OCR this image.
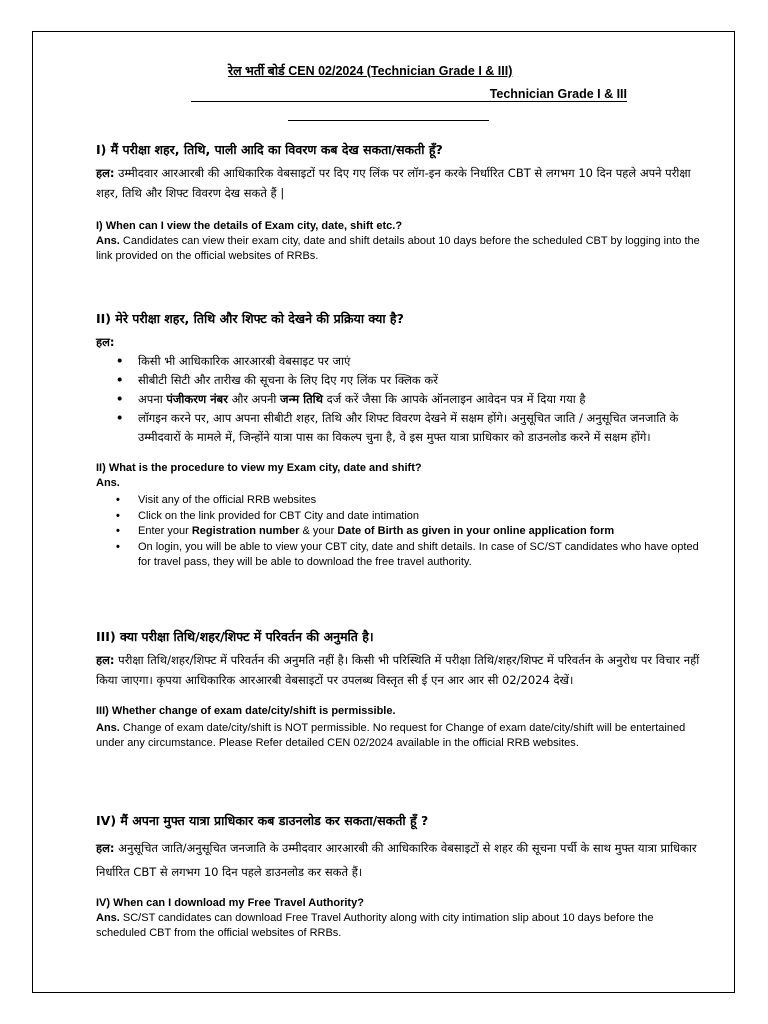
रेल भर्ती बोर्ड CEN 02/2024 (Technician Grade I & III)
Technician Grade I & III

I) मैं परीक्षा शहर, तिथि, पाली आदि का विवरण कब देख सकता/सकती हूँ?

हल: उम्मीदवार आरआरबी की आधिकारिक वेबसाइटों पर दिए गए लिंक पर लॉग-इन करके निर्धारित CBT से लगभग 10 दिन पहले अपने परीक्षा शहर, तिथि और शिफ्ट विवरण देख सकते हैं |

I) When can I view the details of Exam city, date, shift etc.?

Ans. Candidates can view their exam city, date and shift details about 10 days before the scheduled CBT by logging into the link provided on the official websites of RRBs.

II) मेरे परीक्षा शहर, तिथि और शिफ्ट को देखने की प्रक्रिया क्या है?

हल:

• किसी भी आधिकारिक आरआरबी वेबसाइट पर जाएं
• सीबीटी सिटी और तारीख की सूचना के लिए दिए गए लिंक पर क्लिक करें
• अपना पंजीकरण नंबर और अपनी जन्म तिथि दर्ज करें जैसा कि आपके ऑनलाइन आवेदन पत्र में दिया गया है
• लॉगइन करने पर, आप अपना सीबीटी शहर, तिथि और शिफ्ट विवरण देखने में सक्षम होंगे। अनुसूचित जाति / अनुसूचित जनजाति के उम्मीदवारों के मामले में, जिन्होंने यात्रा पास का विकल्प चुना है, वे इस मुफ्त यात्रा प्राधिकार को डाउनलोड करने में सक्षम होंगे।

II) What is the procedure to view my Exam city, date and shift?

Ans.

• Visit any of the official RRB websites
• Click on the link provided for CBT City and date intimation
• Enter your Registration number & your Date of Birth as given in your online application form
• On login, you will be able to view your CBT city, date and shift details. In case of SC/ST candidates who have opted for travel pass, they will be able to download the free travel authority.

III) क्या परीक्षा तिथि/शहर/शिफ्ट में परिवर्तन की अनुमति है।

हल: परीक्षा तिथि/शहर/शिफ्ट में परिवर्तन की अनुमति नहीं है। किसी भी परिस्थिति में परीक्षा तिथि/शहर/शिफ्ट में परिवर्तन के अनुरोध पर विचार नहीं किया जाएगा। कृपया आधिकारिक आरआरबी वेबसाइटों पर उपलब्ध विस्तृत सी ई एन आर आर सी 02/2024 देखें।

III) Whether change of exam date/city/shift is permissible.

Ans. Change of exam date/city/shift is NOT permissible. No request for Change of exam date/city/shift will be entertained under any circumstance. Please Refer detailed CEN 02/2024 available in the official RRB websites.

IV) मैं अपना मुफ्त यात्रा प्राधिकार कब डाउनलोड कर सकता/सकती हूँ ?

हल: अनुसूचित जाति/अनुसूचित जनजाति के उम्मीदवार आरआरबी की आधिकारिक वेबसाइटों से शहर की सूचना पर्ची के साथ मुफ्त यात्रा प्राधिकार निर्धारित CBT से लगभग 10 दिन पहले डाउनलोड कर सकते हैं।

IV) When can I download my Free Travel Authority?

Ans. SC/ST candidates can download Free Travel Authority along with city intimation slip about 10 days before the scheduled CBT from the official websites of RRBs.
